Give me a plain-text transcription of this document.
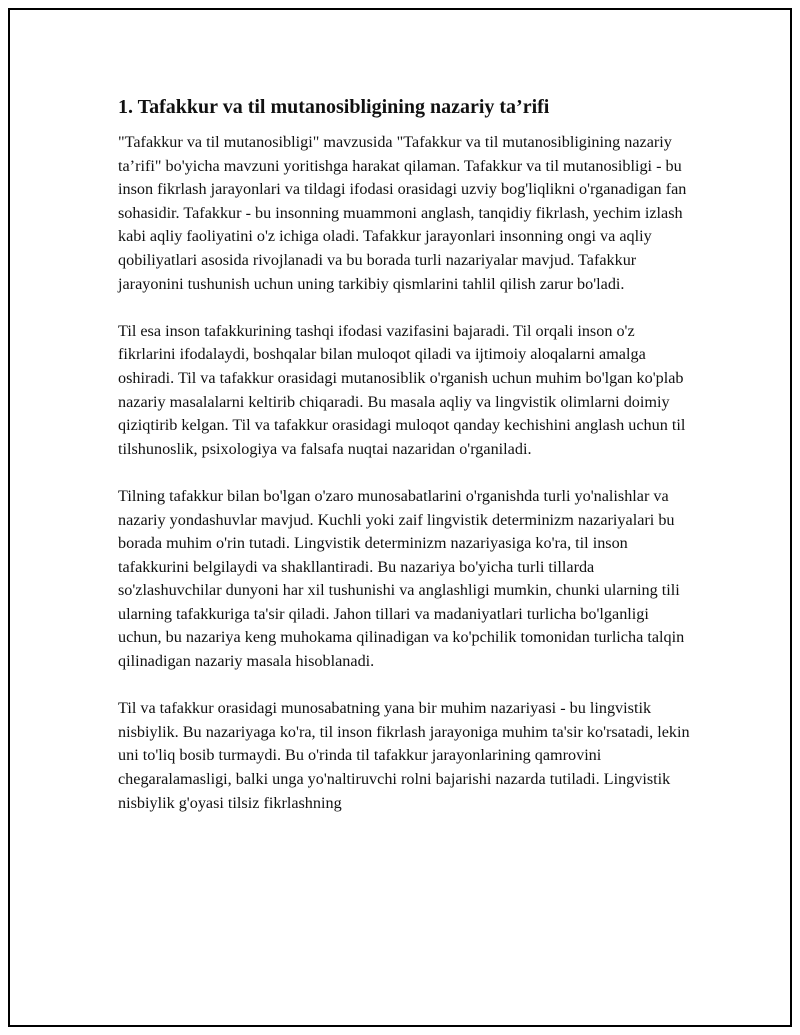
1. Tafakkur va til mutanosibligining nazariy ta’rifi

"Tafakkur va til mutanosibligi" mavzusida "Tafakkur va til mutanosibligining nazariy ta’rifi" bo'yicha mavzuni yoritishga harakat qilaman. Tafakkur va til mutanosibligi - bu inson fikrlash jarayonlari va tildagi ifodasi orasidagi uzviy bog'liqlikni o'rganadigan fan sohasidir. Tafakkur - bu insonning muammoni anglash, tanqidiy fikrlash, yechim izlash kabi aqliy faoliyatini o'z ichiga oladi. Tafakkur jarayonlari insonning ongi va aqliy qobiliyatlari asosida rivojlanadi va bu borada turli nazariyalar mavjud. Tafakkur jarayonini tushunish uchun uning tarkibiy qismlarini tahlil qilish zarur bo'ladi.

Til esa inson tafakkurining tashqi ifodasi vazifasini bajaradi. Til orqali inson o'z fikrlarini ifodalaydi, boshqalar bilan muloqot qiladi va ijtimoiy aloqalarni amalga oshiradi. Til va tafakkur orasidagi mutanosiblik o'rganish uchun muhim bo'lgan ko'plab nazariy masalalarni keltirib chiqaradi. Bu masala aqliy va lingvistik olimlarni doimiy qiziqtirib kelgan. Til va tafakkur orasidagi muloqot qanday kechishini anglash uchun til tilshunoslik, psixologiya va falsafa nuqtai nazaridan o'rganiladi.

Tilning tafakkur bilan bo'lgan o'zaro munosabatlarini o'rganishda turli yo'nalishlar va nazariy yondashuvlar mavjud. Kuchli yoki zaif lingvistik determinizm nazariyalari bu borada muhim o'rin tutadi. Lingvistik determinizm nazariyasiga ko'ra, til inson tafakkurini belgilaydi va shakllantiradi. Bu nazariya bo'yicha turli tillarda so'zlashuvchilar dunyoni har xil tushunishi va anglashligi mumkin, chunki ularning tili ularning tafakkuriga ta'sir qiladi. Jahon tillari va madaniyatlari turlicha bo'lganligi uchun, bu nazariya keng muhokama qilinadigan va ko'pchilik tomonidan turlicha talqin qilinadigan nazariy masala hisoblanadi.

Til va tafakkur orasidagi munosabatning yana bir muhim nazariyasi - bu lingvistik nisbiylik. Bu nazariyaga ko'ra, til inson fikrlash jarayoniga muhim ta'sir ko'rsatadi, lekin uni to'liq bosib turmaydi. Bu o'rinda til tafakkur jarayonlarining qamrovini chegaralamasligi, balki unga yo'naltiruvchi rolni bajarishi nazarda tutiladi. Lingvistik nisbiylik g'oyasi tilsiz fikrlashning
